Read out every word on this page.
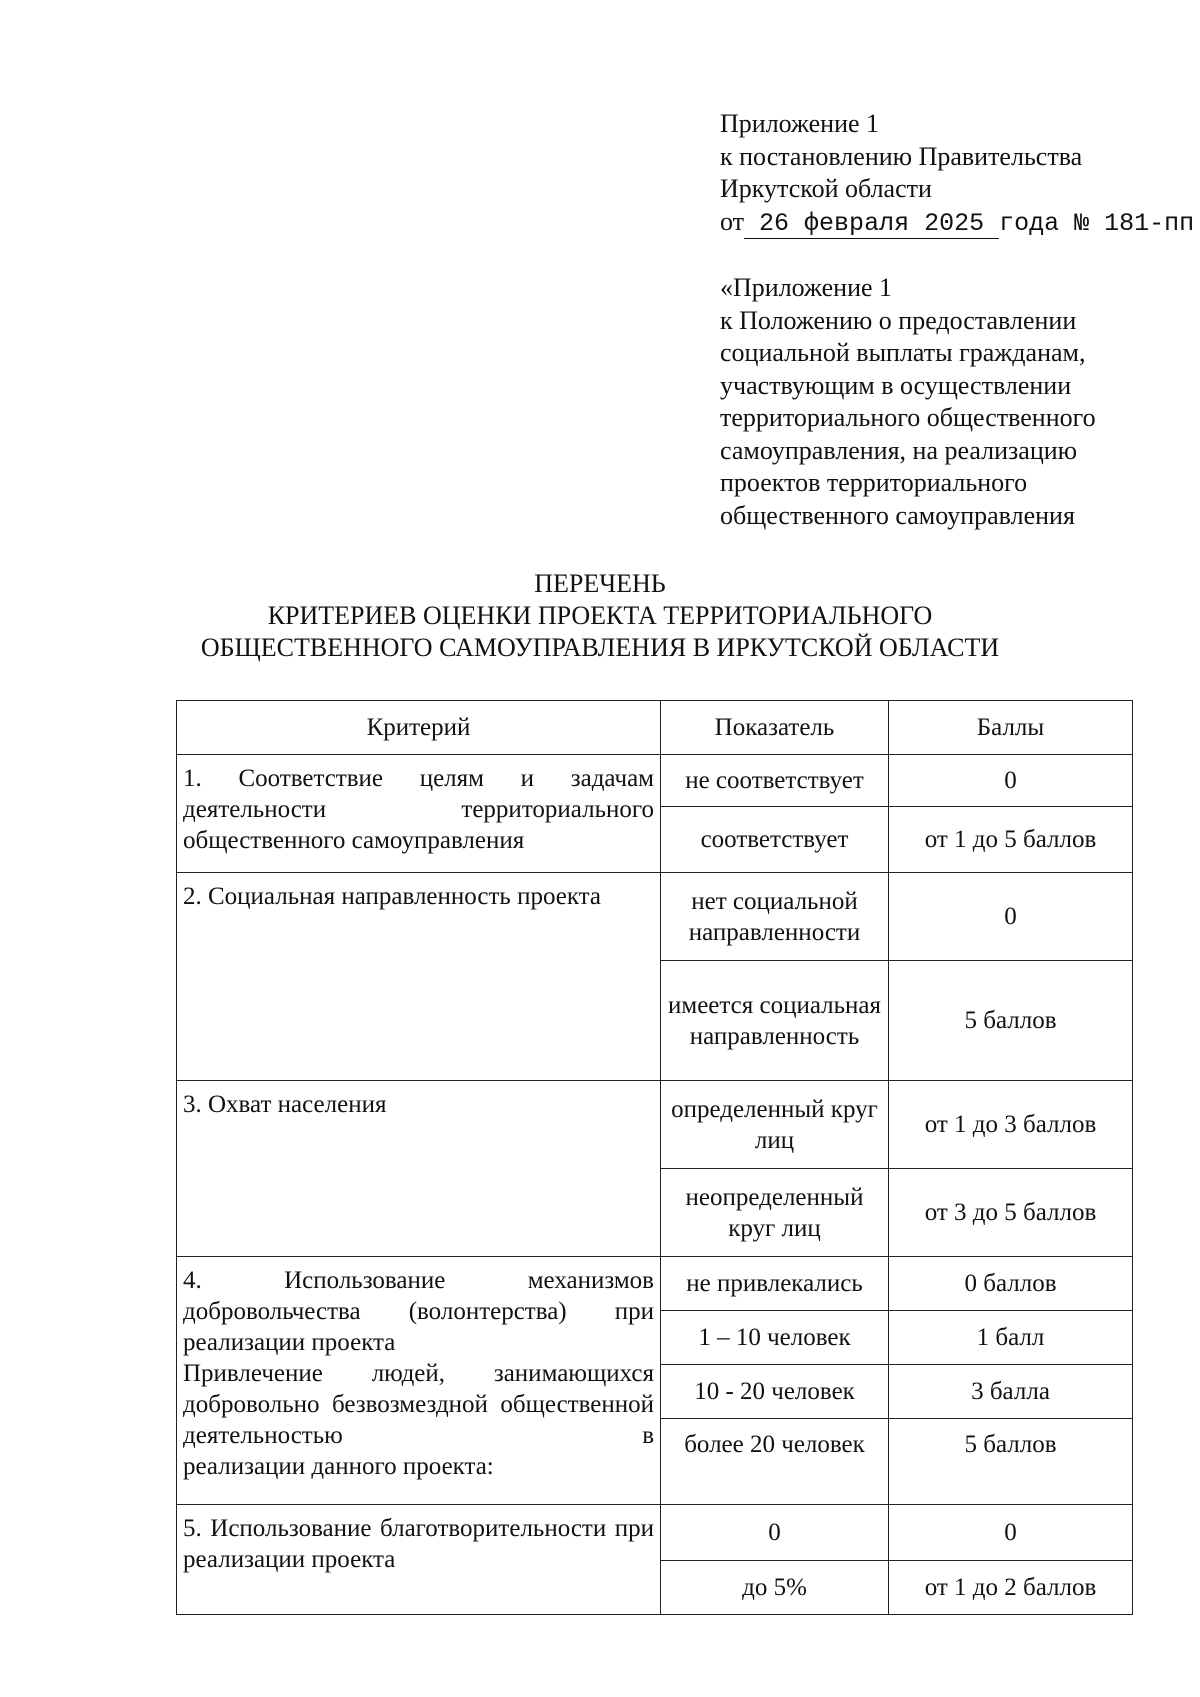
Приложение 1
к постановлению Правительства
Иркутской области
от 26 февраля 2025 года № 181-пп
«Приложение 1
к Положению о предоставлении
социальной выплаты гражданам,
участвующим в осуществлении
территориального общественного
самоуправления, на реализацию
проектов территориального
общественного самоуправления
ПЕРЕЧЕНЬ
КРИТЕРИЕВ ОЦЕНКИ ПРОЕКТА ТЕРРИТОРИАЛЬНОГО
ОБЩЕСТВЕННОГО САМОУПРАВЛЕНИЯ В ИРКУТСКОЙ ОБЛАСТИ
Критерий	Показатель	Баллы

1. Соответствие целям и задачам деятельности территориального
общественного самоуправления	не соответствует	0
	соответствует	от 1 до 5 баллов
2. Социальная направленность проекта	нет социальной направленности	0
	имеется социальная направленность	5 баллов
3. Охват населения	определенный круг лиц	от 1 до 3 баллов
	неопределенный круг лиц	от 3 до 5 баллов

4. Использование механизмов добровольчества (волонтерства) при
реализации проекта
Привлечение людей, занимающихся добровольно безвозмездной общественной деятельностью в
реализации данного проекта:	не привлекались	0 баллов
	1 – 10 человек	1 балл
	10 - 20 человек	3 балла
	более 20 человек	5 баллов

5. Использование благотворительности при реализации проекта	0	0
	до 5%	от 1 до 2 баллов
